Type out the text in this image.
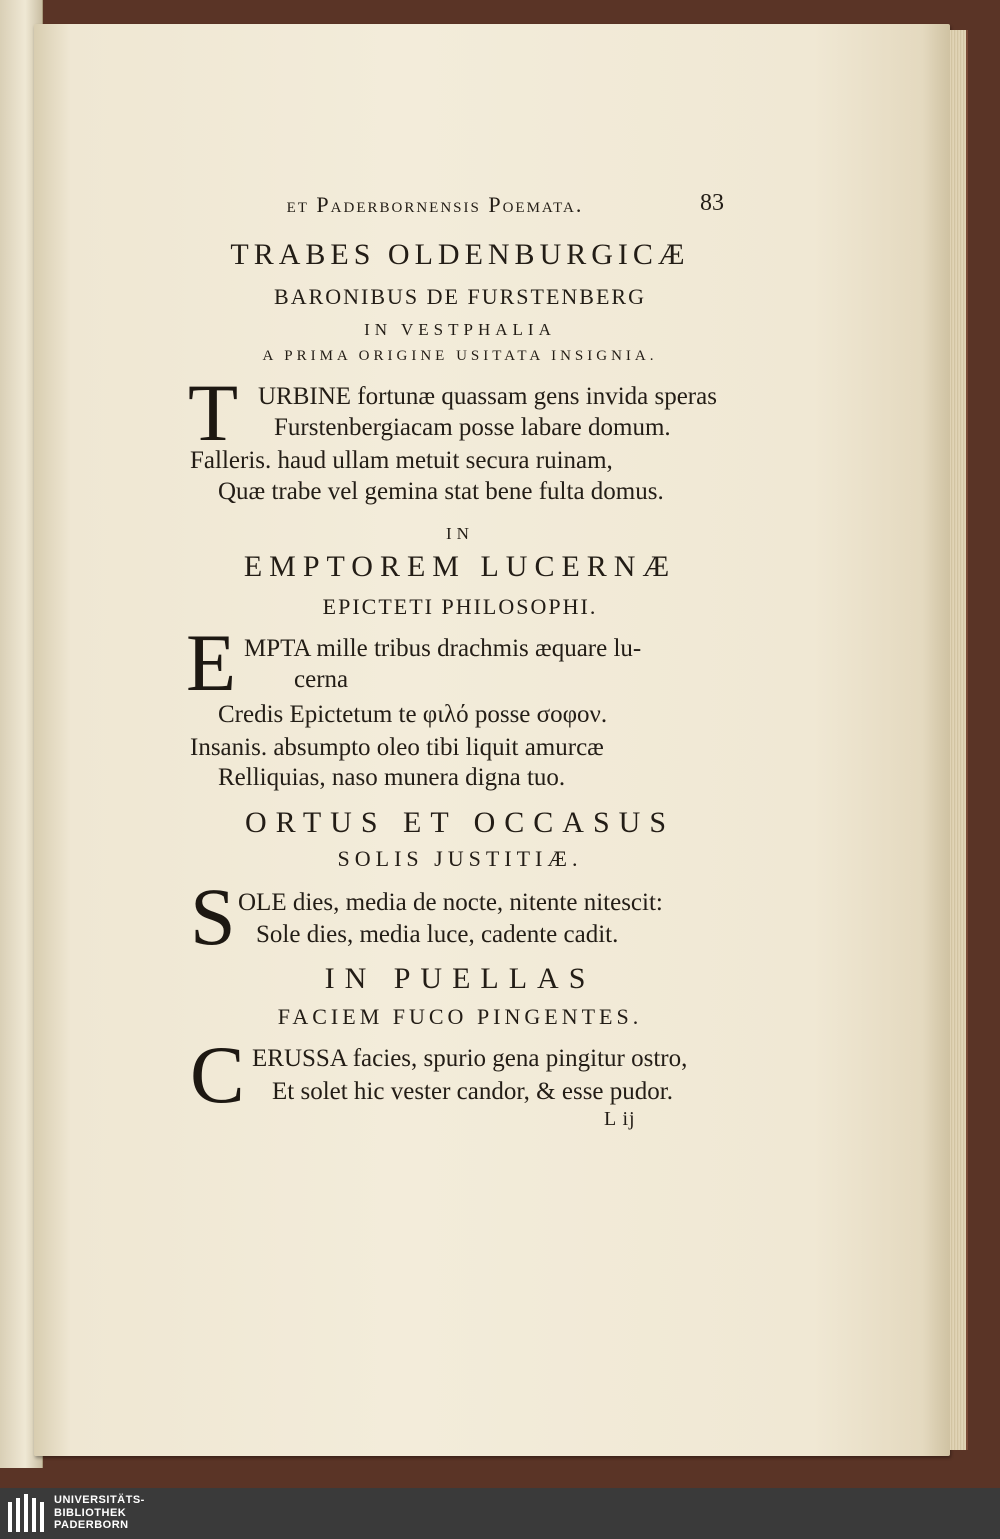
et Paderbornensis Poemata.	83
TRABES OLDENBURGICÆ
BARONIBUS DE FURSTENBERG
IN VESTPHALIA
A PRIMA ORIGINE USITATA INSIGNIA.
T URBINE fortunæ quassam gens invida speras
Furstenbergiacam posse labare domum.
Falleris. haud ullam metuit secura ruinam,
Quæ trabe vel gemina stat bene fulta domus.
IN
EMPTOREM LUCERNÆ
EPICTETI PHILOSOPHI.
E MPTA mille tribus drachmis æquare lu-
cerna
Credis Epictetum te φιλό posse σοφον.
Insanis. absumpto oleo tibi liquit amurcæ
Relliquias, naso munera digna tuo.
ORTUS ET OCCASUS
SOLIS JUSTITIÆ.
S OLE dies, media de nocte, nitente nitescit:
Sole dies, media luce, cadente cadit.
IN PUELLAS
FACIEM FUCO PINGENTES.
C ERUSSA facies, spurio gena pingitur ostro,
Et solet hic vester candor, & esse pudor.
L ij
UNIVERSITÄTS-
BIBLIOTHEK
PADERBORN
